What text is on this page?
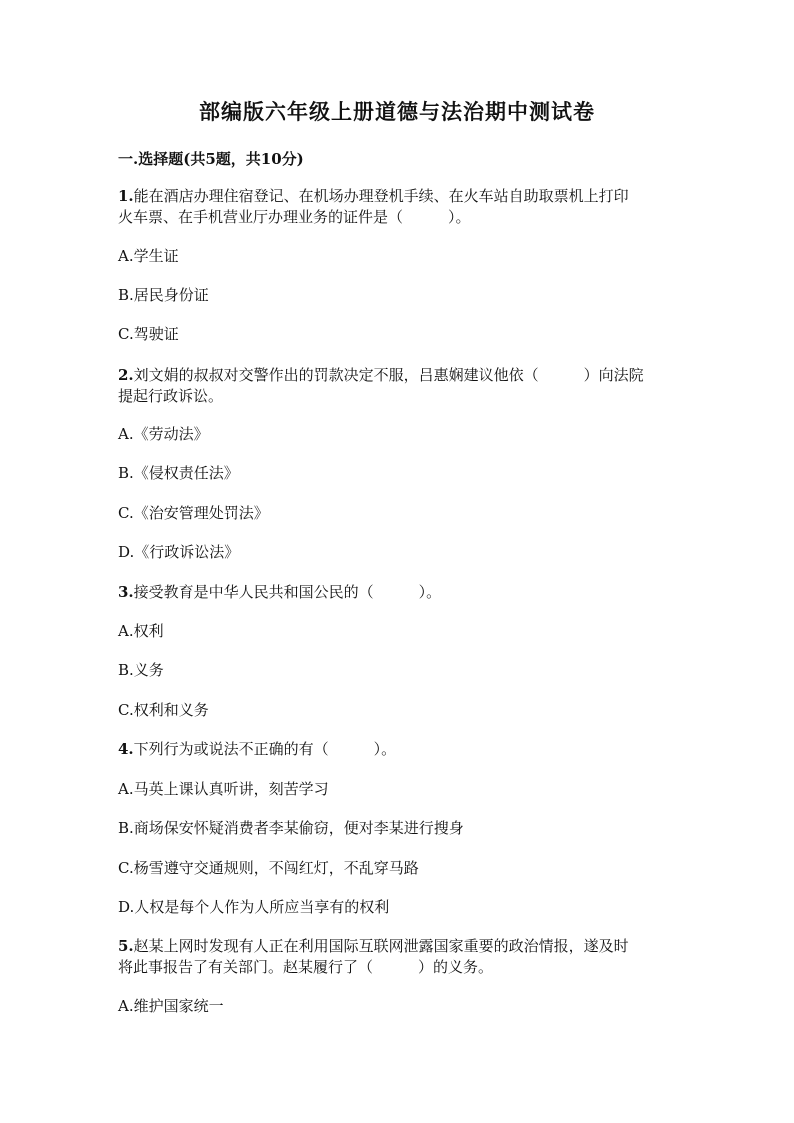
部编版六年级上册道德与法治期中测试卷
一.选择题(共5题，共10分)
1.能在酒店办理住宿登记、在机场办理登机手续、在火车站自助取票机上打印
火车票、在手机营业厅办理业务的证件是（　　　）。
A.学生证
B.居民身份证
C.驾驶证
2.刘文娟的叔叔对交警作出的罚款决定不服，吕惠娴建议他依（　　　）向法院
提起行政诉讼。
A.《劳动法》
B.《侵权责任法》
C.《治安管理处罚法》
D.《行政诉讼法》
3.接受教育是中华人民共和国公民的（　　　）。
A.权利
B.义务
C.权利和义务
4.下列行为或说法不正确的有（　　　）。
A.马英上课认真听讲，刻苦学习
B.商场保安怀疑消费者李某偷窃，便对李某进行搜身
C.杨雪遵守交通规则，不闯红灯，不乱穿马路
D.人权是每个人作为人所应当享有的权利
5.赵某上网时发现有人正在利用国际互联网泄露国家重要的政治情报，遂及时
将此事报告了有关部门。赵某履行了（　　　）的义务。
A.维护国家统一
